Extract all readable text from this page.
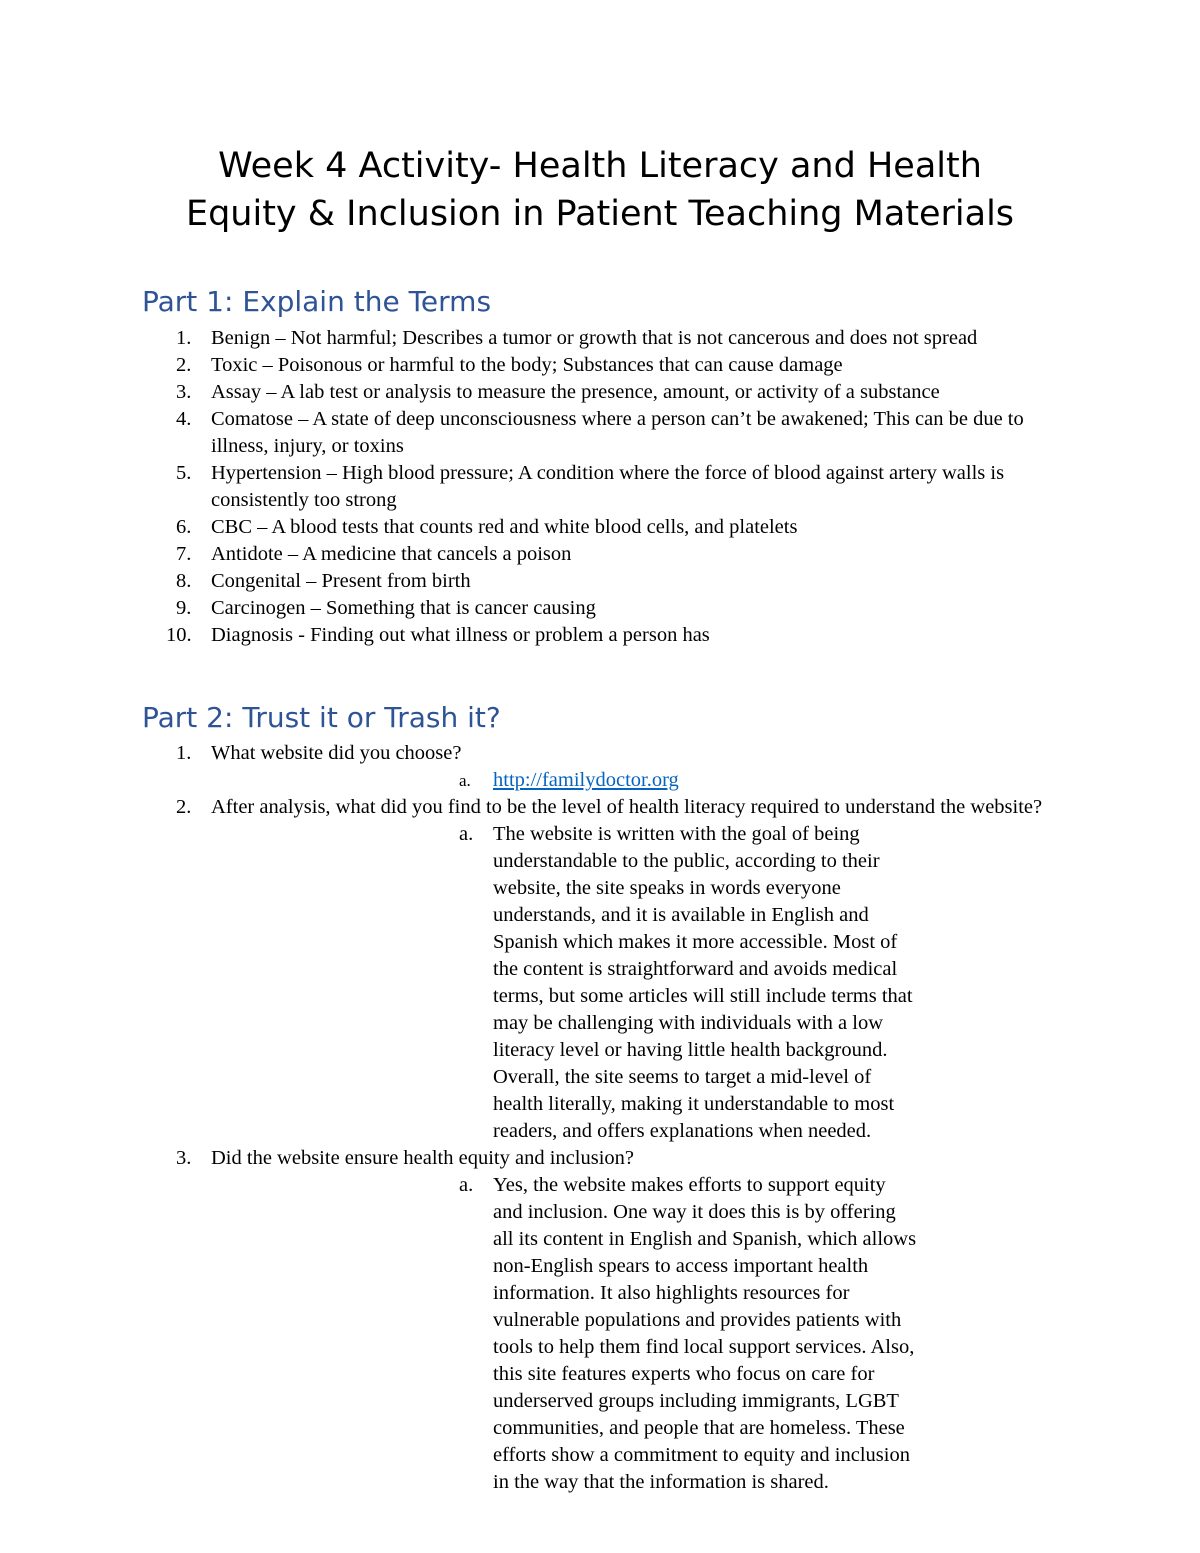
Week 4 Activity- Health Literacy and Health
Equity & Inclusion in Patient Teaching Materials
Part 1: Explain the Terms
1. Benign – Not harmful; Describes a tumor or growth that is not cancerous and does not spread
2. Toxic – Poisonous or harmful to the body; Substances that can cause damage
3. Assay – A lab test or analysis to measure the presence, amount, or activity of a substance
4. Comatose – A state of deep unconsciousness where a person can’t be awakened; This can be due to illness, injury, or toxins
5. Hypertension – High blood pressure; A condition where the force of blood against artery walls is consistently too strong
6. CBC – A blood tests that counts red and white blood cells, and platelets
7. Antidote – A medicine that cancels a poison
8. Congenital – Present from birth
9. Carcinogen – Something that is cancer causing
10. Diagnosis - Finding out what illness or problem a person has
Part 2: Trust it or Trash it?
1. What website did you choose?
a. http://familydoctor.org
2. After analysis, what did you find to be the level of health literacy required to understand the website?
a. The website is written with the goal of being understandable to the public, according to their website, the site speaks in words everyone understands, and it is available in English and Spanish which makes it more accessible. Most of the content is straightforward and avoids medical terms, but some articles will still include terms that may be challenging with individuals with a low literacy level or having little health background. Overall, the site seems to target a mid-level of health literally, making it understandable to most readers, and offers explanations when needed.
3. Did the website ensure health equity and inclusion?
a. Yes, the website makes efforts to support equity and inclusion. One way it does this is by offering all its content in English and Spanish, which allows non-English spears to access important health information. It also highlights resources for vulnerable populations and provides patients with tools to help them find local support services. Also, this site features experts who focus on care for underserved groups including immigrants, LGBT communities, and people that are homeless. These efforts show a commitment to equity and inclusion in the way that the information is shared.
